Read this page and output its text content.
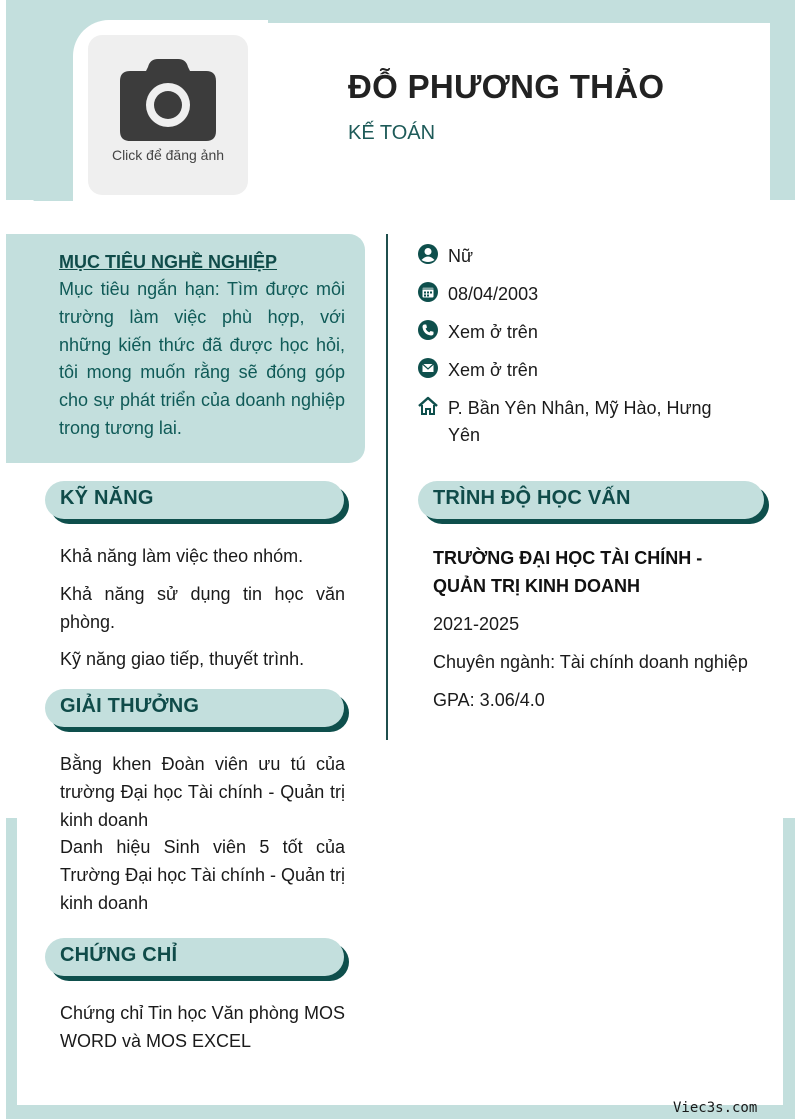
Click để đăng ảnh
ĐỖ PHƯƠNG THẢO
KẾ TOÁN
MỤC TIÊU NGHỀ NGHIỆP
Mục tiêu ngắn hạn: Tìm được môi trường làm việc phù hợp, với những kiến thức đã được học hỏi, tôi mong muốn rằng sẽ đóng góp cho sự phát triển của doanh nghiệp trong tương lai.
Nữ
08/04/2003
Xem ở trên
Xem ở trên
P. Bần Yên Nhân, Mỹ Hào, Hưng Yên
KỸ NĂNG
Khả năng làm việc theo nhóm.
Khả năng sử dụng tin học văn phòng.
Kỹ năng giao tiếp, thuyết trình.
GIẢI THƯỞNG
Bằng khen Đoàn viên ưu tú của trường Đại học Tài chính - Quản trị kinh doanh
Danh hiệu Sinh viên 5 tốt của Trường Đại học Tài chính - Quản trị kinh doanh
CHỨNG CHỈ
Chứng chỉ Tin học Văn phòng MOS WORD và MOS EXCEL
TRÌNH ĐỘ HỌC VẤN
TRƯỜNG ĐẠI HỌC TÀI CHÍNH - QUẢN TRỊ KINH DOANH
2021-2025
Chuyên ngành: Tài chính doanh nghiệp
GPA: 3.06/4.0
Viec3s.com
